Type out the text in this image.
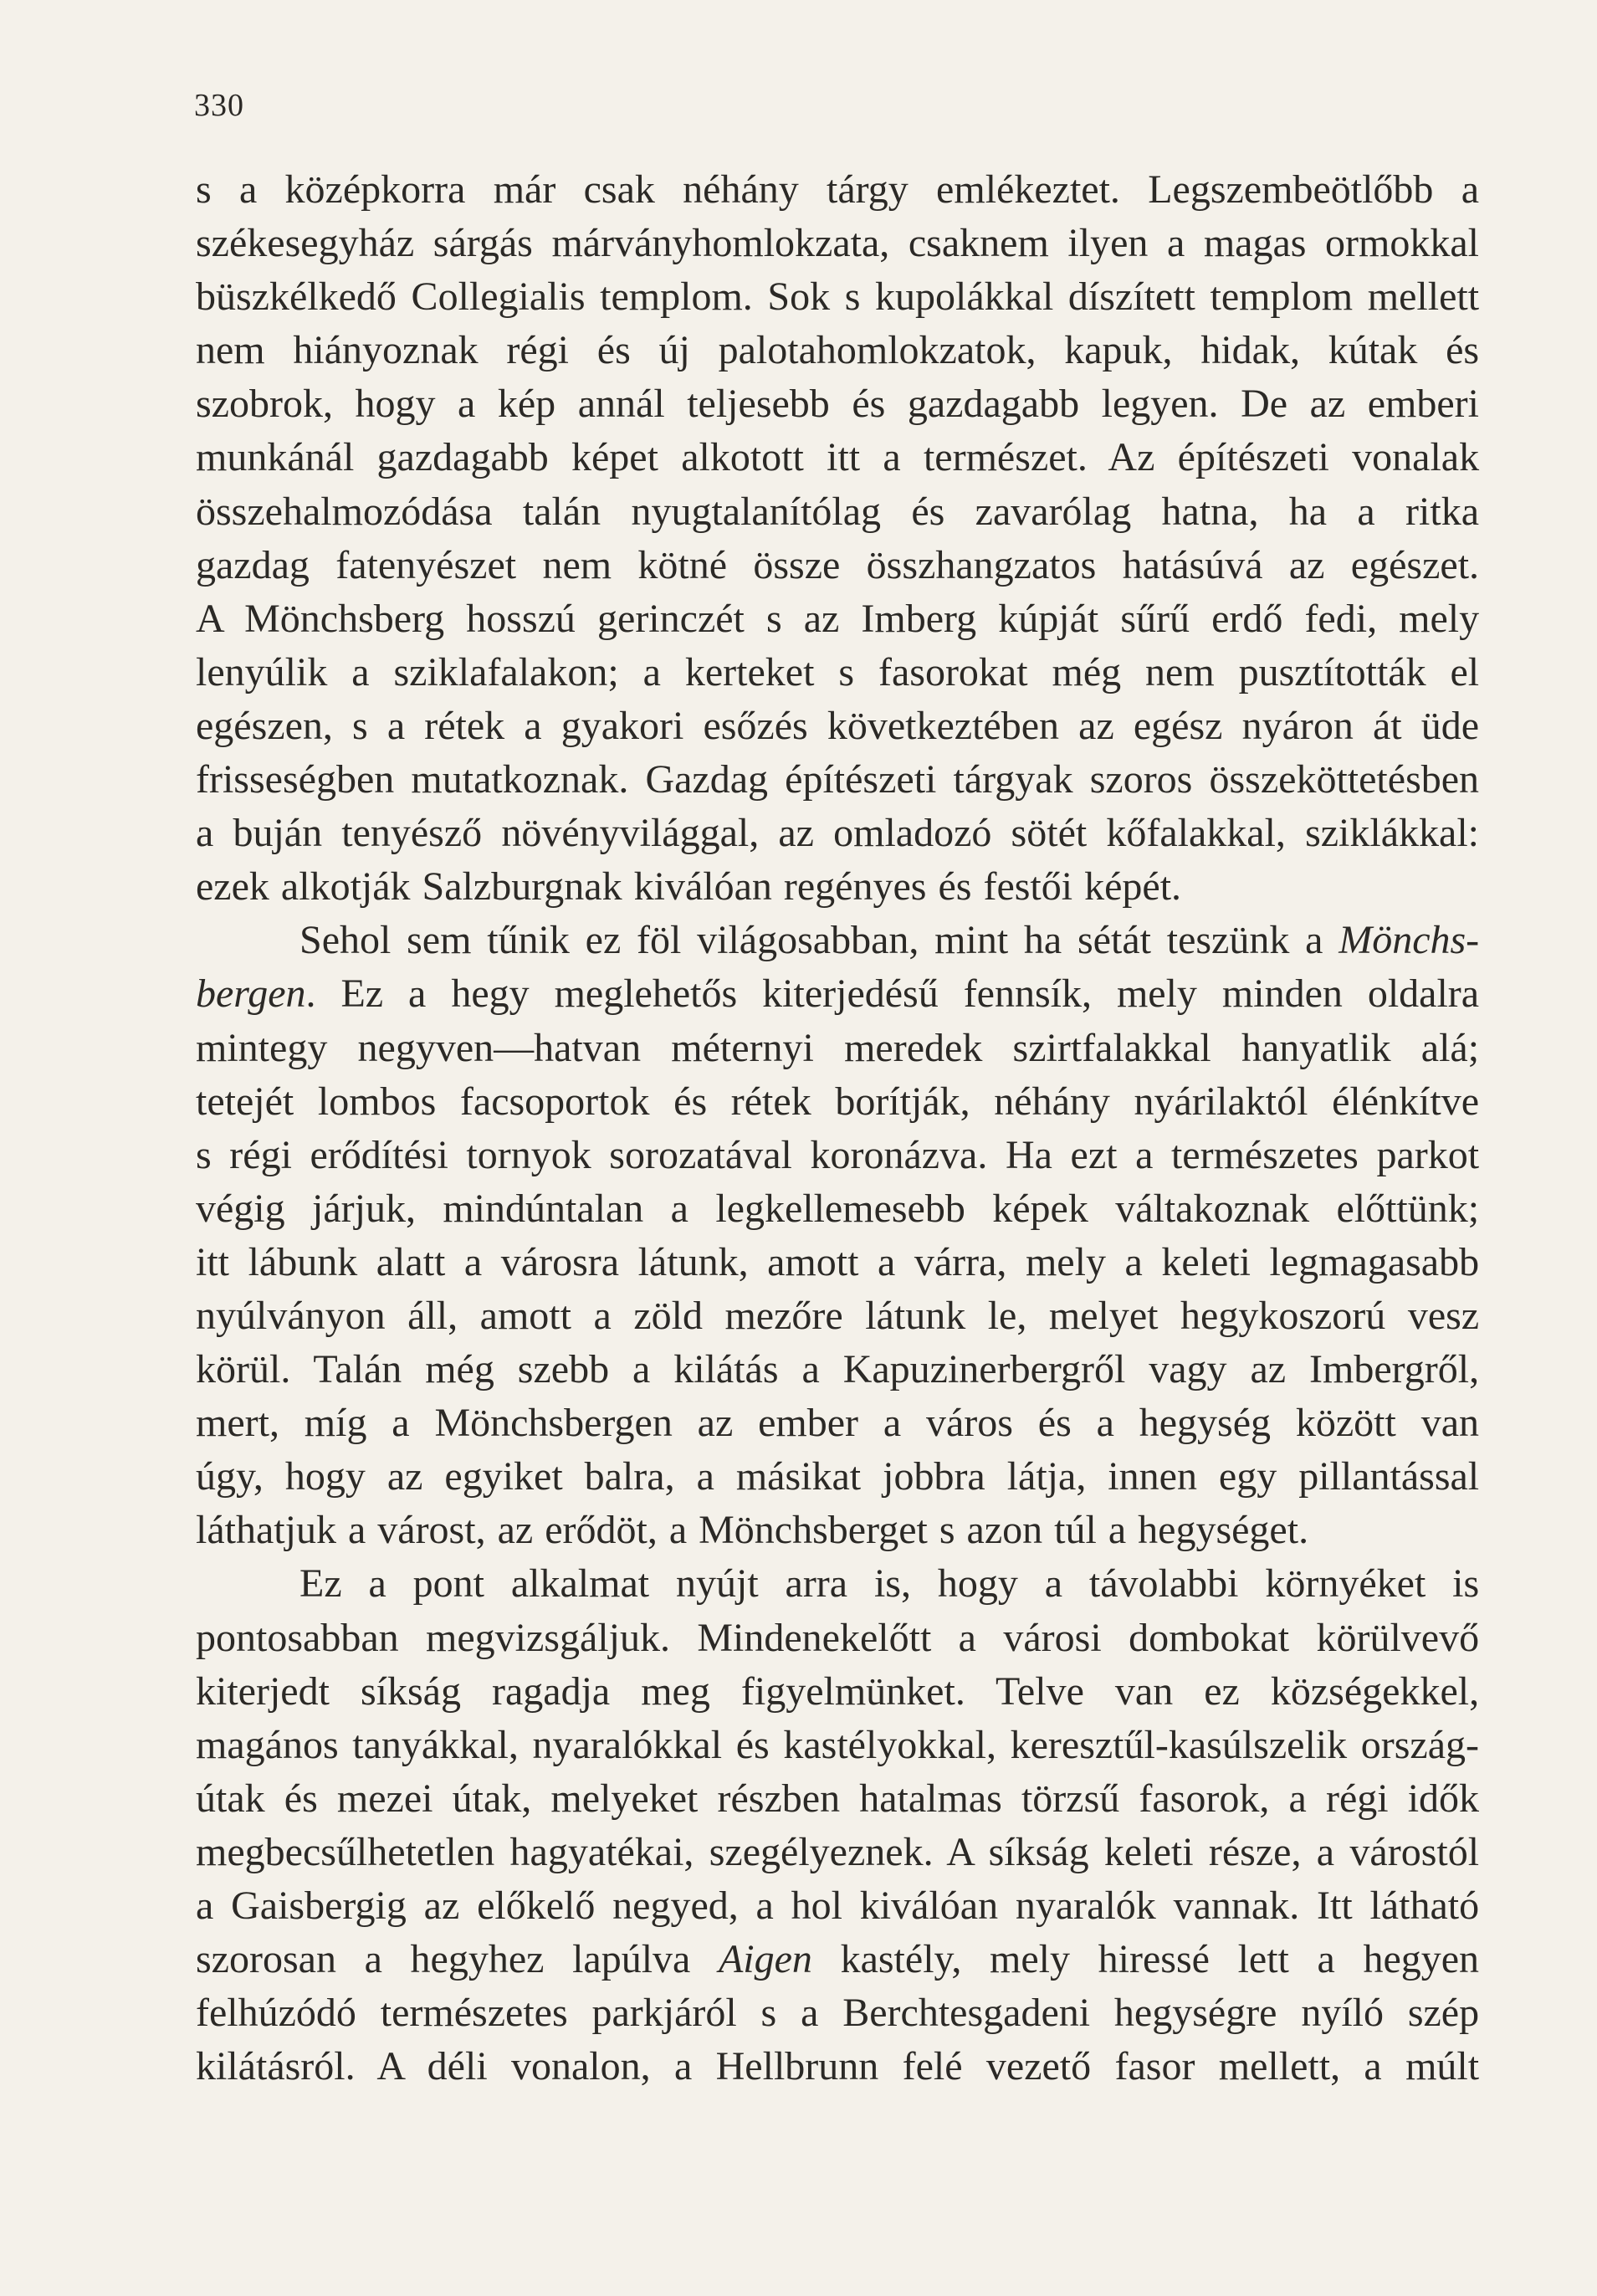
330
s a középkorra már csak néhány tárgy emlékeztet. Legszembeötlőbb a
székesegyház sárgás márványhomlokzata, csaknem ilyen a magas ormokkal
büszkélkedő Collegialis templom. Sok s kupolákkal díszített templom mellett
nem hiányoznak régi és új palotahomlokzatok, kapuk, hidak, kútak és
szobrok, hogy a kép annál teljesebb és gazdagabb legyen. De az emberi
munkánál gazdagabb képet alkotott itt a természet. Az építészeti vonalak
összehalmozódása talán nyugtalanítólag és zavarólag hatna, ha a ritka
gazdag fatenyészet nem kötné össze összhangzatos hatásúvá az egészet.
A Mönchsberg hosszú gerinczét s az Imberg kúpját sűrű erdő fedi, mely
lenyúlik a sziklafalakon; a kerteket s fasorokat még nem pusztították el
egészen, s a rétek a gyakori esőzés következtében az egész nyáron át üde
frisseségben mutatkoznak. Gazdag építészeti tárgyak szoros összeköttetésben
a buján tenyésző növényvilággal, az omladozó sötét kőfalakkal, sziklákkal:
ezek alkotják Salzburgnak kiválóan regényes és festői képét.
Sehol sem tűnik ez föl világosabban, mint ha sétát teszünk a Mönchs-
bergen. Ez a hegy meglehetős kiterjedésű fennsík, mely minden oldalra
mintegy negyven—hatvan méternyi meredek szirtfalakkal hanyatlik alá;
tetejét lombos facsoportok és rétek borítják, néhány nyárilaktól élénkítve
s régi erődítési tornyok sorozatával koronázva. Ha ezt a természetes parkot
végig járjuk, mindúntalan a legkellemesebb képek váltakoznak előttünk;
itt lábunk alatt a városra látunk, amott a várra, mely a keleti legmagasabb
nyúlványon áll, amott a zöld mezőre látunk le, melyet hegykoszorú vesz
körül. Talán még szebb a kilátás a Kapuzinerbergről vagy az Imbergről,
mert, míg a Mönchsbergen az ember a város és a hegység között van
úgy, hogy az egyiket balra, a másikat jobbra látja, innen egy pillantással
láthatjuk a várost, az erődöt, a Mönchsberget s azon túl a hegységet.
Ez a pont alkalmat nyújt arra is, hogy a távolabbi környéket is
pontosabban megvizsgáljuk. Mindenekelőtt a városi dombokat körülvevő
kiterjedt síkság ragadja meg figyelmünket. Telve van ez községekkel,
magános tanyákkal, nyaralókkal és kastélyokkal, keresztűl-kasúlszelik ország-
útak és mezei útak, melyeket részben hatalmas törzsű fasorok, a régi idők
megbecsűlhetetlen hagyatékai, szegélyeznek. A síkság keleti része, a várostól
a Gaisbergig az előkelő negyed, a hol kiválóan nyaralók vannak. Itt látható
szorosan a hegyhez lapúlva Aigen kastély, mely hiressé lett a hegyen
felhúzódó természetes parkjáról s a Berchtesgadeni hegységre nyíló szép
kilátásról. A déli vonalon, a Hellbrunn felé vezető fasor mellett, a múlt
